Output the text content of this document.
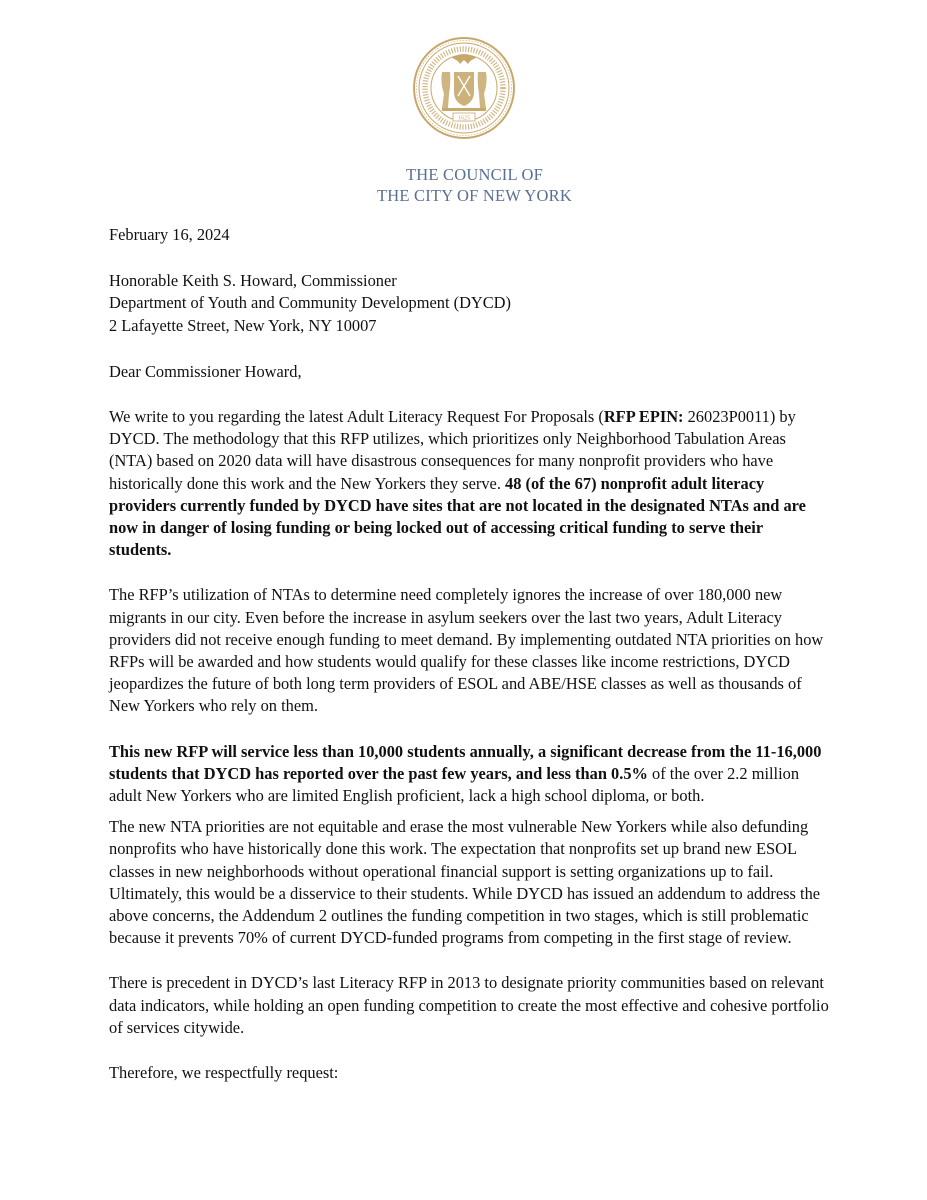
1625
THE COUNCIL OF
THE CITY OF NEW YORK

February 16, 2024

Honorable Keith S. Howard, Commissioner
Department of Youth and Community Development (DYCD)
2 Lafayette Street, New York, NY 10007

Dear Commissioner Howard,

We write to you regarding the latest Adult Literacy Request For Proposals (RFP EPIN: 26023P0011) by DYCD. The methodology that this RFP utilizes, which prioritizes only Neighborhood Tabulation Areas (NTA) based on 2020 data will have disastrous consequences for many nonprofit providers who have historically done this work and the New Yorkers they serve. 48 (of the 67) nonprofit adult literacy providers currently funded by DYCD have sites that are not located in the designated NTAs and are now in danger of losing funding or being locked out of accessing critical funding to serve their students.

The RFP’s utilization of NTAs to determine need completely ignores the increase of over 180,000 new migrants in our city. Even before the increase in asylum seekers over the last two years, Adult Literacy providers did not receive enough funding to meet demand. By implementing outdated NTA priorities on how RFPs will be awarded and how students would qualify for these classes like income restrictions, DYCD jeopardizes the future of both long term providers of ESOL and ABE/HSE classes as well as thousands of New Yorkers who rely on them.

This new RFP will service less than 10,000 students annually, a significant decrease from the 11-16,000 students that DYCD has reported over the past few years, and less than 0.5% of the over 2.2 million adult New Yorkers who are limited English proficient, lack a high school diploma, or both.

The new NTA priorities are not equitable and erase the most vulnerable New Yorkers while also defunding nonprofits who have historically done this work. The expectation that nonprofits set up brand new ESOL classes in new neighborhoods without operational financial support is setting organizations up to fail. Ultimately, this would be a disservice to their students. While DYCD has issued an addendum to address the above concerns, the Addendum 2 outlines the funding competition in two stages, which is still problematic because it prevents 70% of current DYCD-funded programs from competing in the first stage of review.

There is precedent in DYCD’s last Literacy RFP in 2013 to designate priority communities based on relevant data indicators, while holding an open funding competition to create the most effective and cohesive portfolio of services citywide.

Therefore, we respectfully request:
